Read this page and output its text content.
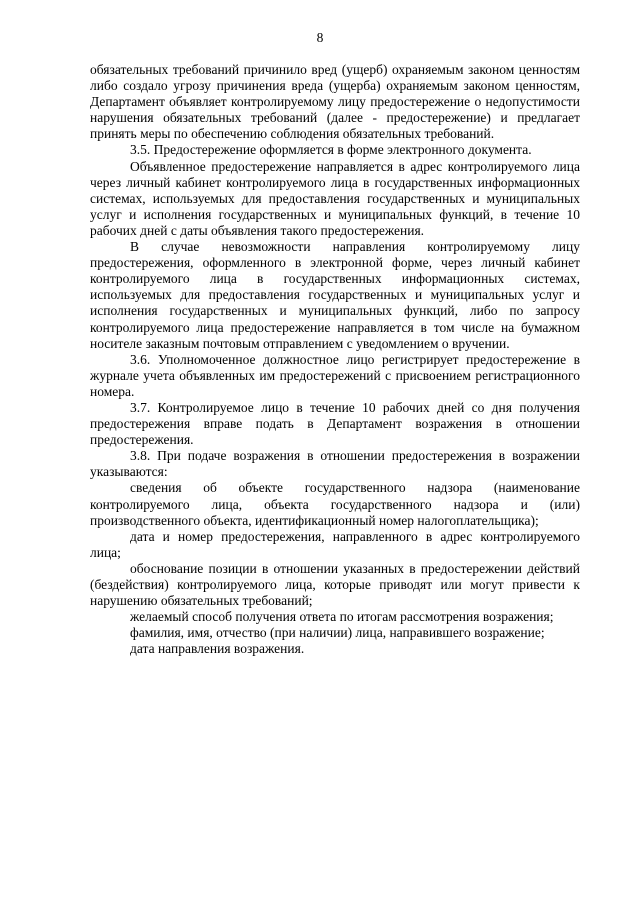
8

обязательных требований причинило вред (ущерб) охраняемым законом ценностям либо создало угрозу причинения вреда (ущерба) охраняемым законом ценностям, Департамент объявляет контролируемому лицу предостережение о недопустимости нарушения обязательных требований (далее - предостережение) и предлагает принять меры по обеспечению соблюдения обязательных требований.

3.5. Предостережение оформляется в форме электронного документа.

Объявленное предостережение направляется в адрес контролируемого лица через личный кабинет контролируемого лица в государственных информационных системах, используемых для предоставления государственных и муниципальных услуг и исполнения государственных и муниципальных функций, в течение 10 рабочих дней с даты объявления такого предостережения.

В случае невозможности направления контролируемому лицу предостережения, оформленного в электронной форме, через личный кабинет контролируемого лица в государственных информационных системах, используемых для предоставления государственных и муниципальных услуг и исполнения государственных и муниципальных функций, либо по запросу контролируемого лица предостережение направляется в том числе на бумажном носителе заказным почтовым отправлением с уведомлением о вручении.

3.6. Уполномоченное должностное лицо регистрирует предостережение в журнале учета объявленных им предостережений с присвоением регистрационного номера.

3.7. Контролируемое лицо в течение 10 рабочих дней со дня получения предостережения вправе подать в Департамент возражения в отношении предостережения.

3.8. При подаче возражения в отношении предостережения в возражении указываются:

сведения об объекте государственного надзора (наименование контролируемого лица, объекта государственного надзора и (или) производственного объекта, идентификационный номер налогоплательщика);

дата и номер предостережения, направленного в адрес контролируемого лица;

обоснование позиции в отношении указанных в предостережении действий (бездействия) контролируемого лица, которые приводят или могут привести к нарушению обязательных требований;

желаемый способ получения ответа по итогам рассмотрения возражения;

фамилия, имя, отчество (при наличии) лица, направившего возражение;

дата направления возражения.
